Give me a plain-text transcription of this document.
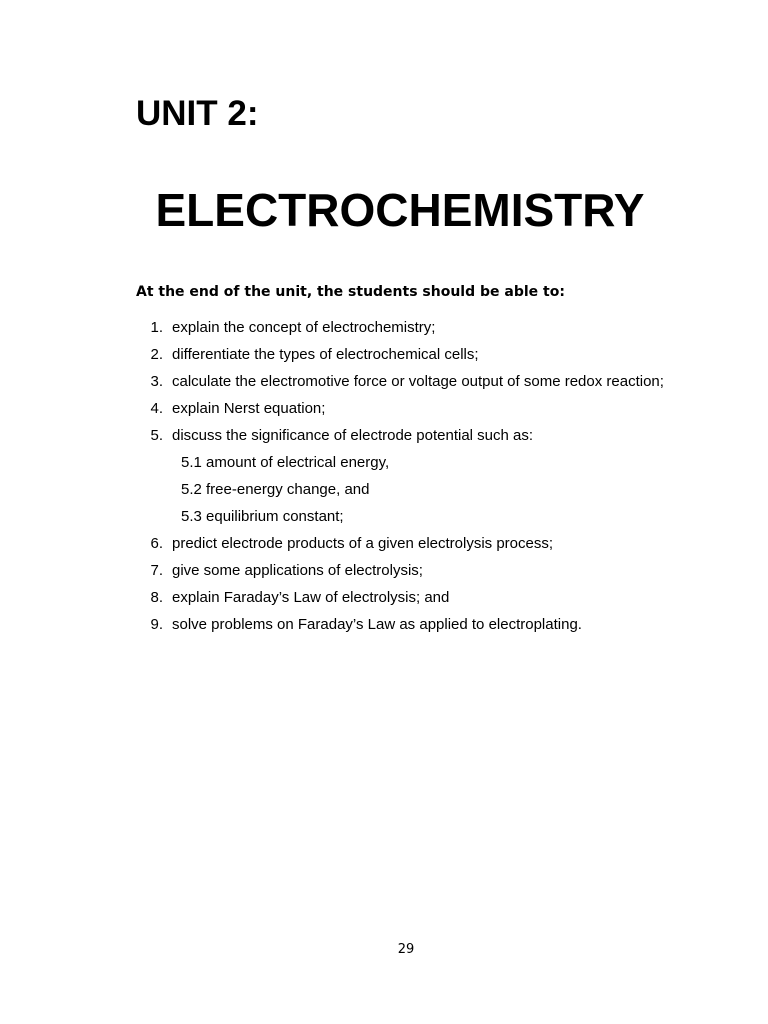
UNIT 2:
ELECTROCHEMISTRY

At the end of the unit, the students should be able to:

1. explain the concept of electrochemistry;
2. differentiate the types of electrochemical cells;
3. calculate the electromotive force or voltage output of some redox reaction;
4. explain Nerst equation;
5. discuss the significance of electrode potential such as:
5.1 amount of electrical energy,
5.2 free-energy change, and
5.3 equilibrium constant;
6. predict electrode products of a given electrolysis process;
7. give some applications of electrolysis;
8. explain Faraday’s Law of electrolysis; and
9. solve problems on Faraday’s Law as applied to electroplating.
29
